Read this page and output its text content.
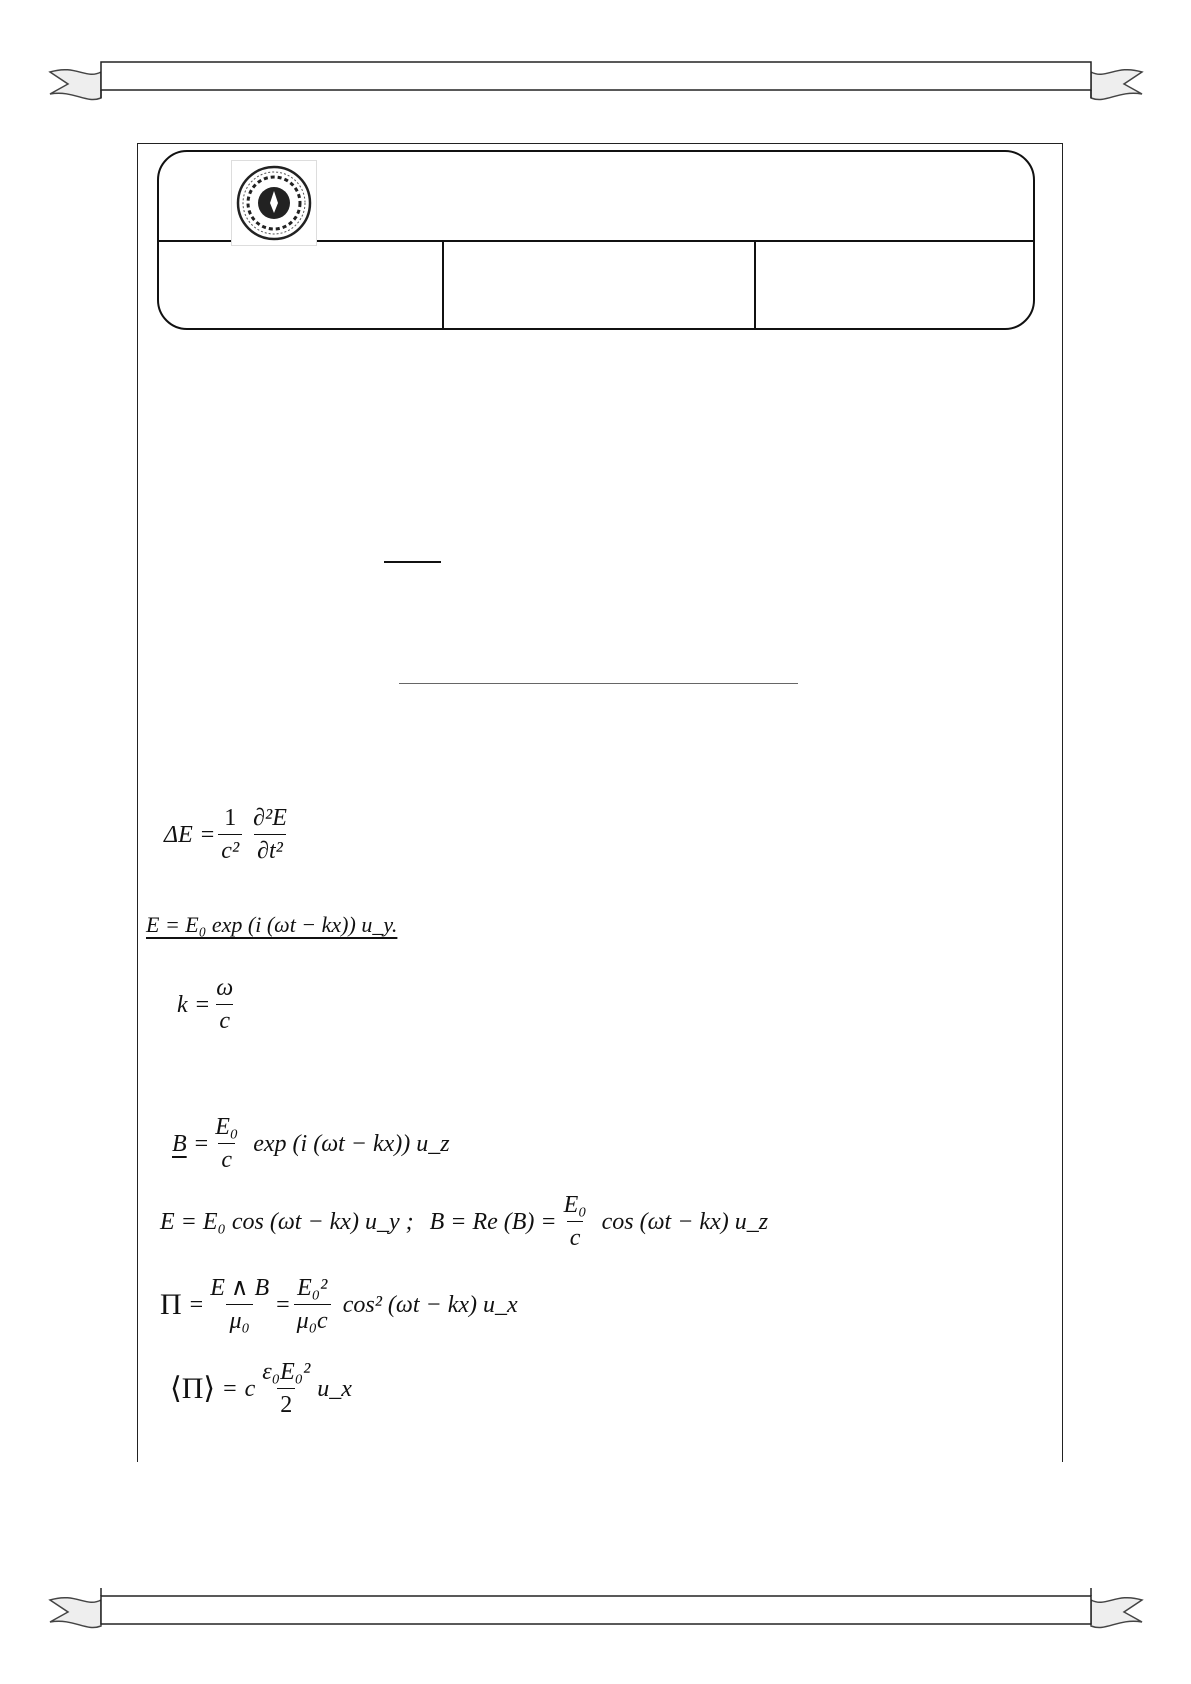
$\Delta E = \frac{1}{\text{c²}} \frac{\text{∂²E}}{\text{∂t²}}$
E = E₀ exp (i (ωt − kx)) u_y.
$k = \frac{\omega}{c}$
$B = \frac{\text{E₀}}{c}$ exp (i (ωt − kx)) u_z
E = E₀ cos (ωt − kx) u_y ; B = Re $(B) = \frac{\text{E₀}}{c}$ cos (ωt − kx) u_z
$\Pi = \frac{E \wedge B}{\text{μ₀}} = \frac{\text{E₀²}}{\text{μ₀c}} \cos^2$ (ωt − kx) u_x
⟨Π⟩ = c $\frac{\text{ε₀E₀²}}{2}$ u_x
